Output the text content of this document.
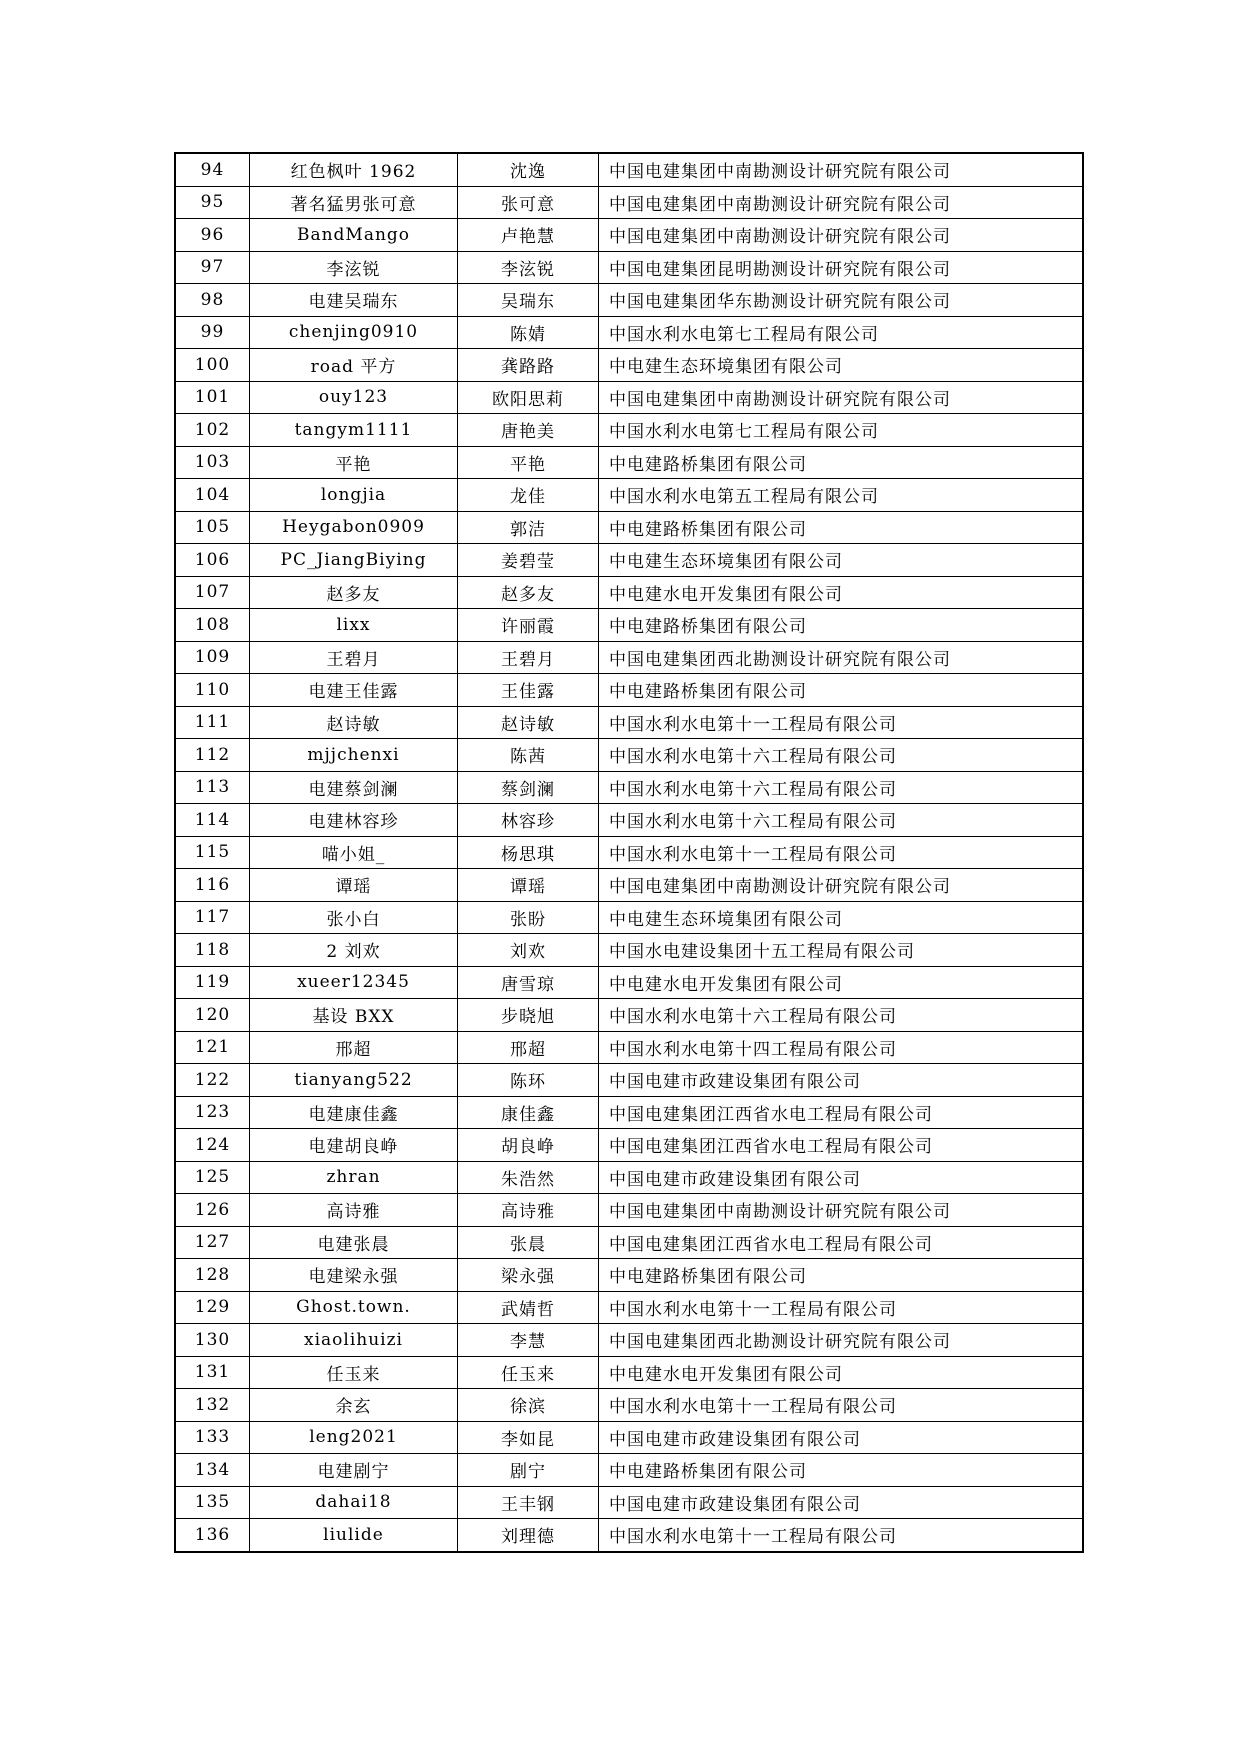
94	红色枫叶 1962	沈逸	中国电建集团中南勘测设计研究院有限公司
95	著名猛男张可意	张可意	中国电建集团中南勘测设计研究院有限公司
96	BandMango	卢艳慧	中国电建集团中南勘测设计研究院有限公司
97	李泫锐	李泫锐	中国电建集团昆明勘测设计研究院有限公司
98	电建吴瑞东	吴瑞东	中国电建集团华东勘测设计研究院有限公司
99	chenjing0910	陈婧	中国水利水电第七工程局有限公司
100	road 平方	龚路路	中电建生态环境集团有限公司
101	ouy123	欧阳思莉	中国电建集团中南勘测设计研究院有限公司
102	tangym1111	唐艳美	中国水利水电第七工程局有限公司
103	平艳	平艳	中电建路桥集团有限公司
104	longjia	龙佳	中国水利水电第五工程局有限公司
105	Heygabon0909	郭洁	中电建路桥集团有限公司
106	PC_JiangBiying	姜碧莹	中电建生态环境集团有限公司
107	赵多友	赵多友	中电建水电开发集团有限公司
108	lixx	许丽霞	中电建路桥集团有限公司
109	王碧月	王碧月	中国电建集团西北勘测设计研究院有限公司
110	电建王佳露	王佳露	中电建路桥集团有限公司
111	赵诗敏	赵诗敏	中国水利水电第十一工程局有限公司
112	mjjchenxi	陈茜	中国水利水电第十六工程局有限公司
113	电建蔡剑澜	蔡剑澜	中国水利水电第十六工程局有限公司
114	电建林容珍	林容珍	中国水利水电第十六工程局有限公司
115	喵小姐_	杨思琪	中国水利水电第十一工程局有限公司
116	谭瑶	谭瑶	中国电建集团中南勘测设计研究院有限公司
117	张小白	张盼	中电建生态环境集团有限公司
118	2 刘欢	刘欢	中国水电建设集团十五工程局有限公司
119	xueer12345	唐雪琼	中电建水电开发集团有限公司
120	基设 BXX	步晓旭	中国水利水电第十六工程局有限公司
121	邢超	邢超	中国水利水电第十四工程局有限公司
122	tianyang522	陈环	中国电建市政建设集团有限公司
123	电建康佳鑫	康佳鑫	中国电建集团江西省水电工程局有限公司
124	电建胡良峥	胡良峥	中国电建集团江西省水电工程局有限公司
125	zhran	朱浩然	中国电建市政建设集团有限公司
126	高诗雅	高诗雅	中国电建集团中南勘测设计研究院有限公司
127	电建张晨	张晨	中国电建集团江西省水电工程局有限公司
128	电建梁永强	梁永强	中电建路桥集团有限公司
129	Ghost.town.	武婧哲	中国水利水电第十一工程局有限公司
130	xiaolihuizi	李慧	中国电建集团西北勘测设计研究院有限公司
131	任玉来	任玉来	中电建水电开发集团有限公司
132	余玄	徐滨	中国水利水电第十一工程局有限公司
133	leng2021	李如昆	中国电建市政建设集团有限公司
134	电建剧宁	剧宁	中电建路桥集团有限公司
135	dahai18	王丰钢	中国电建市政建设集团有限公司
136	liulide	刘理德	中国水利水电第十一工程局有限公司
